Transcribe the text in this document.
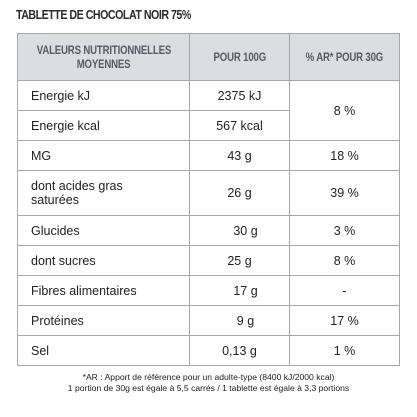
TABLETTE DE CHOCOLAT NOIR 75%
VALEURS NUTRITIONNELLES
MOYENNES	POUR 100G	% AR* POUR 30G
Energie kJ	2375 kJ	8 %
Energie kcal	567 kcal	
MG	43 g	18 %
dont acides gras
saturées	26 g	39 %
Glucides	30 g	3 %
dont sucres	25 g	8 %
Fibres alimentaires	17 g	-
Protéines	9 g	17 %
Sel	0,13 g	1 %
*AR : Apport de référence pour un adulte-type (8400 kJ/2000 kcal)
1 portion de 30g est égale à 5,5 carrés / 1 tablette est égale à 3,3 portions
